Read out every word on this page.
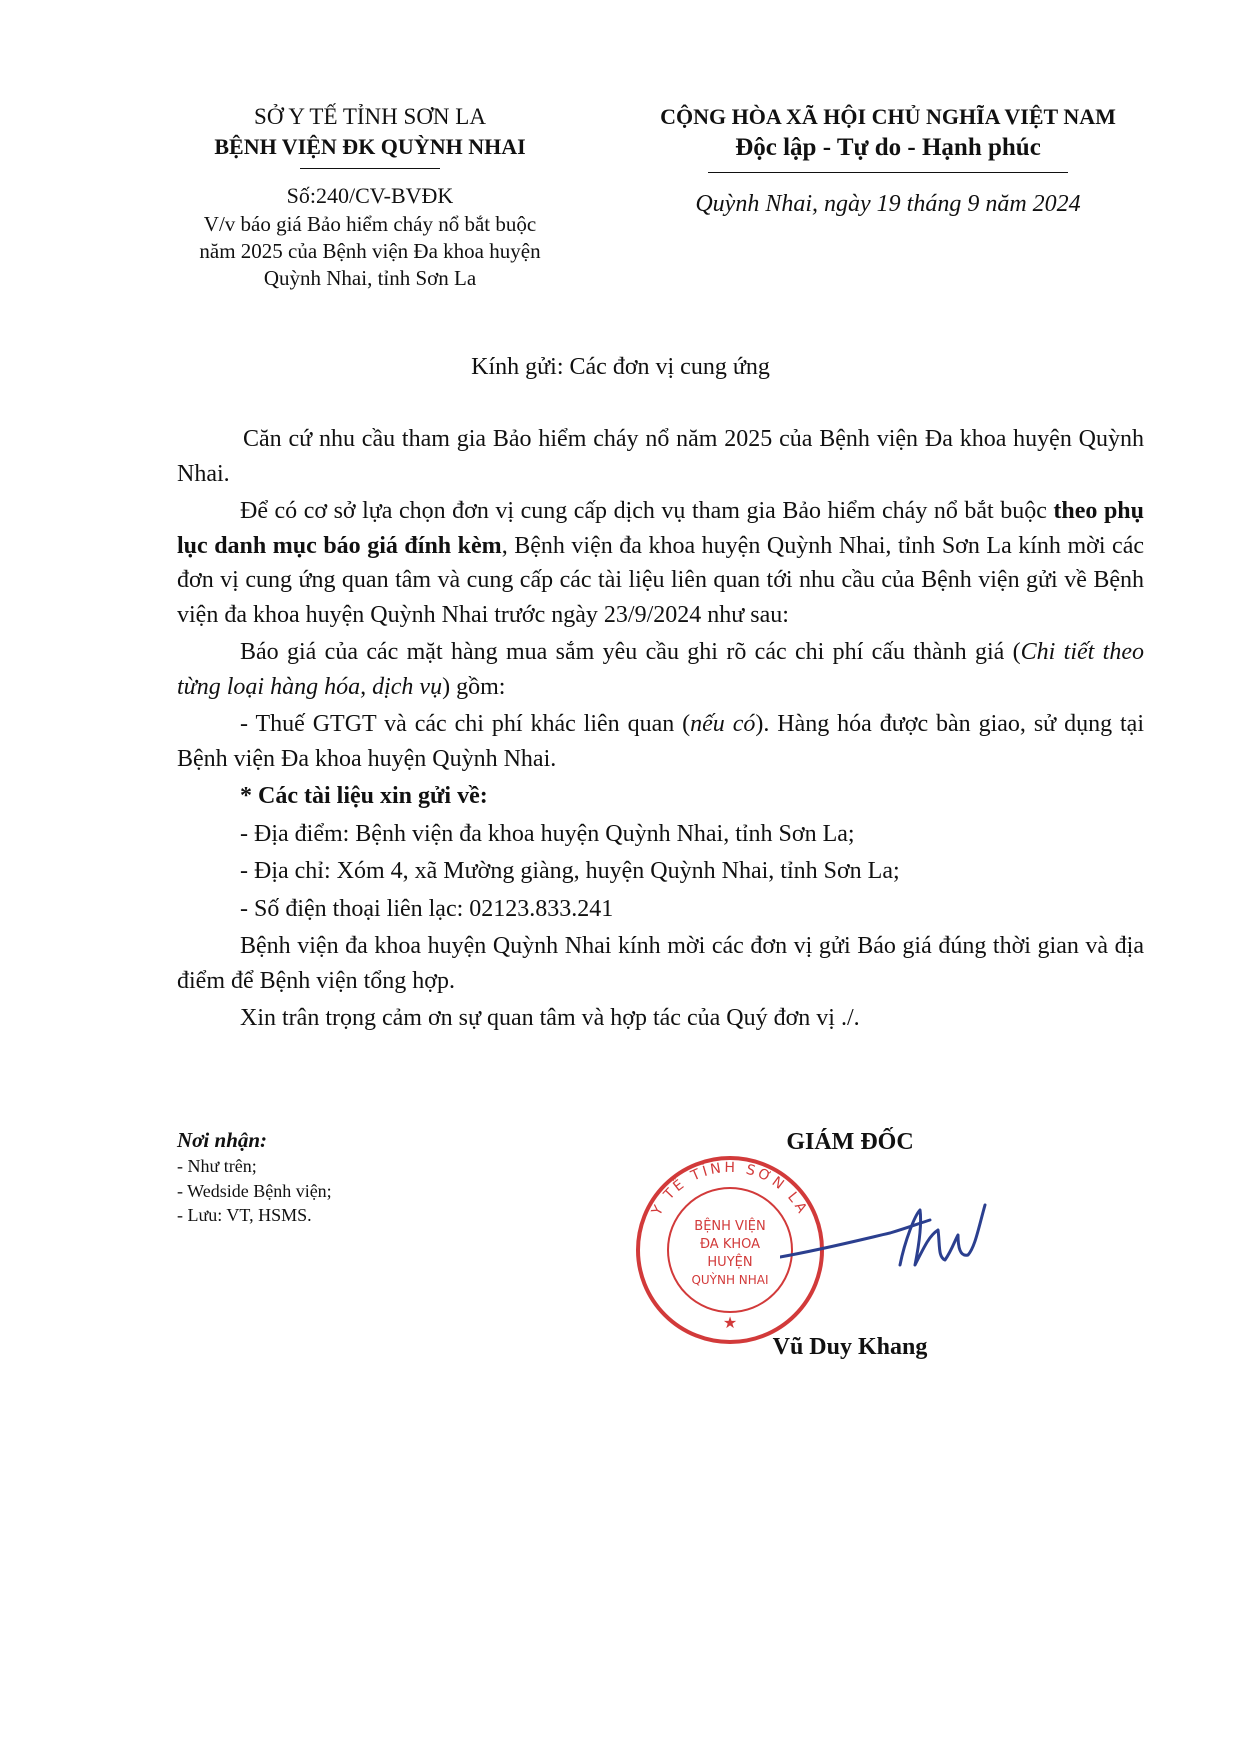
SỞ Y TẾ TỈNH SƠN LA
BỆNH VIỆN ĐK QUỲNH NHAI
Số:240/CV-BVĐK
V/v báo giá Bảo hiểm cháy nổ bắt buộc
năm 2025 của Bệnh viện Đa khoa huyện
Quỳnh Nhai, tỉnh Sơn La
CỘNG HÒA XÃ HỘI CHỦ NGHĨA VIỆT NAM
Độc lập - Tự do - Hạnh phúc
Quỳnh Nhai, ngày 19 tháng 9 năm 2024
Kính gửi: Các đơn vị cung ứng

Căn cứ nhu cầu tham gia Bảo hiểm cháy nổ năm 2025 của Bệnh viện Đa khoa huyện Quỳnh Nhai.

Để có cơ sở lựa chọn đơn vị cung cấp dịch vụ tham gia Bảo hiểm cháy nổ bắt buộc theo phụ lục danh mục báo giá đính kèm, Bệnh viện đa khoa huyện Quỳnh Nhai, tỉnh Sơn La kính mời các đơn vị cung ứng quan tâm và cung cấp các tài liệu liên quan tới nhu cầu của Bệnh viện gửi về Bệnh viện đa khoa huyện Quỳnh Nhai trước ngày 23/9/2024 như sau:

Báo giá của các mặt hàng mua sắm yêu cầu ghi rõ các chi phí cấu thành giá (Chi tiết theo từng loại hàng hóa, dịch vụ) gồm:

- Thuế GTGT và các chi phí khác liên quan (nếu có). Hàng hóa được bàn giao, sử dụng tại Bệnh viện Đa khoa huyện Quỳnh Nhai.

* Các tài liệu xin gửi về:

- Địa điểm: Bệnh viện đa khoa huyện Quỳnh Nhai, tỉnh Sơn La;

- Địa chỉ: Xóm 4, xã Mường giàng, huyện Quỳnh Nhai, tỉnh Sơn La;

- Số điện thoại liên lạc: 02123.833.241

Bệnh viện đa khoa huyện Quỳnh Nhai kính mời các đơn vị gửi Báo giá đúng thời gian và địa điểm để Bệnh viện tổng hợp.

Xin trân trọng cảm ơn sự quan tâm và hợp tác của Quý đơn vị ./.

Nơi nhận:
- Như trên;
- Wedside Bệnh viện;
- Lưu: VT, HSMS.
GIÁM ĐỐC
Y TẾ TỈNH SƠN LA
BỆNH VIỆN
ĐA KHOA
HUYỆN
QUỲNH NHAI
★
Vũ Duy Khang
